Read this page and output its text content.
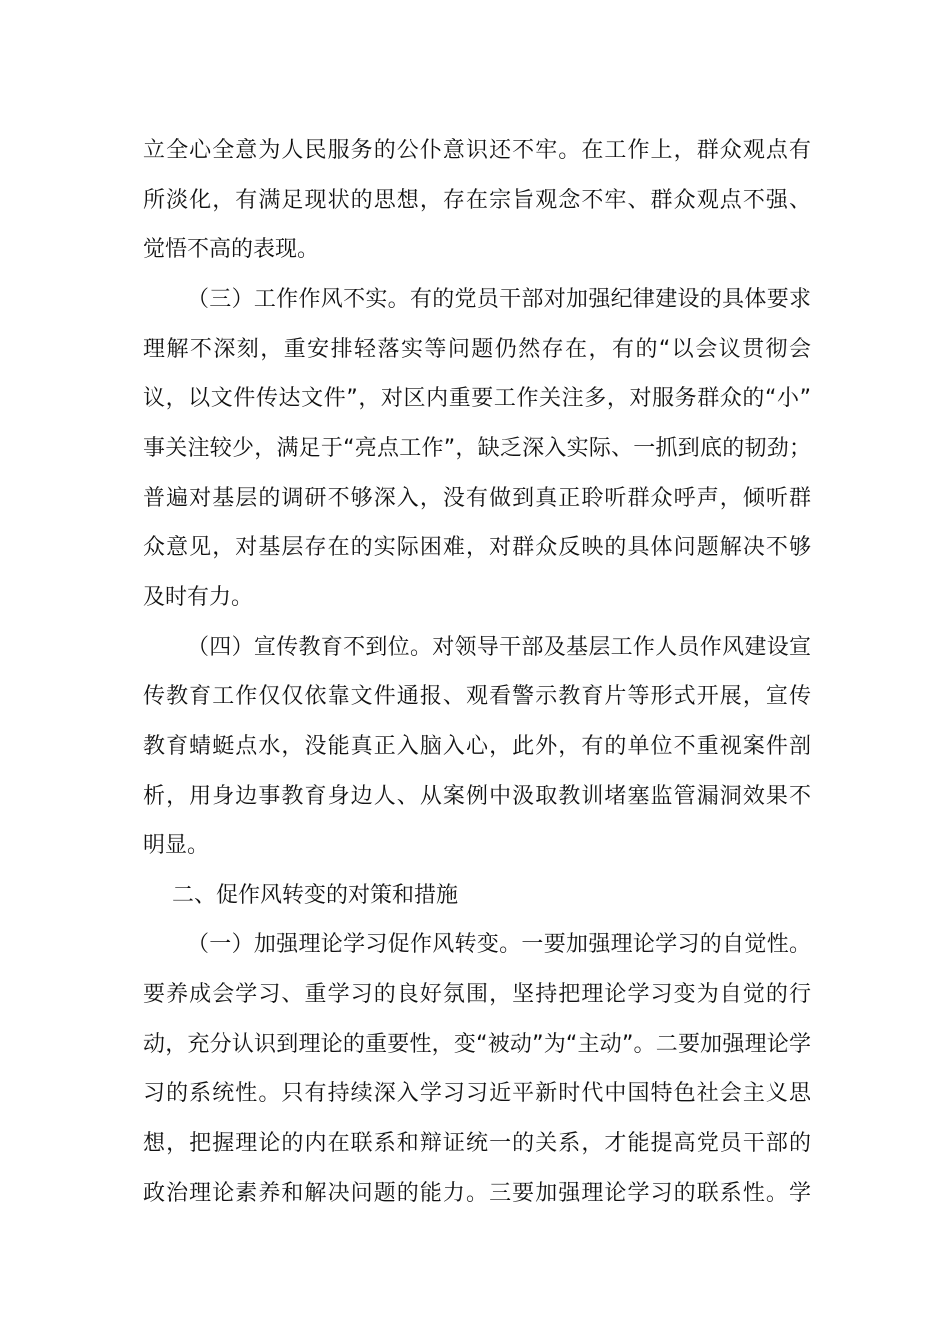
立全心全意为人民服务的公仆意识还不牢。在工作上，群众观点有
所淡化，有满足现状的思想，存在宗旨观念不牢、群众观点不强、
觉悟不高的表现。
（三）工作作风不实。有的党员干部对加强纪律建设的具体要求
理解不深刻，重安排轻落实等问题仍然存在，有的“以会议贯彻会
议，以文件传达文件”，对区内重要工作关注多，对服务群众的“小”
事关注较少，满足于“亮点工作”，缺乏深入实际、一抓到底的韧劲；
普遍对基层的调研不够深入，没有做到真正聆听群众呼声，倾听群
众意见，对基层存在的实际困难，对群众反映的具体问题解决不够
及时有力。
（四）宣传教育不到位。对领导干部及基层工作人员作风建设宣
传教育工作仅仅依靠文件通报、观看警示教育片等形式开展，宣传
教育蜻蜓点水，没能真正入脑入心，此外，有的单位不重视案件剖
析，用身边事教育身边人、从案例中汲取教训堵塞监管漏洞效果不
明显。
二、促作风转变的对策和措施
（一）加强理论学习促作风转变。一要加强理论学习的自觉性。
要养成会学习、重学习的良好氛围，坚持把理论学习变为自觉的行
动，充分认识到理论的重要性，变“被动”为“主动”。二要加强理论学
习的系统性。只有持续深入学习习近平新时代中国特色社会主义思
想，把握理论的内在联系和辩证统一的关系，才能提高党员干部的
政治理论素养和解决问题的能力。三要加强理论学习的联系性。学
